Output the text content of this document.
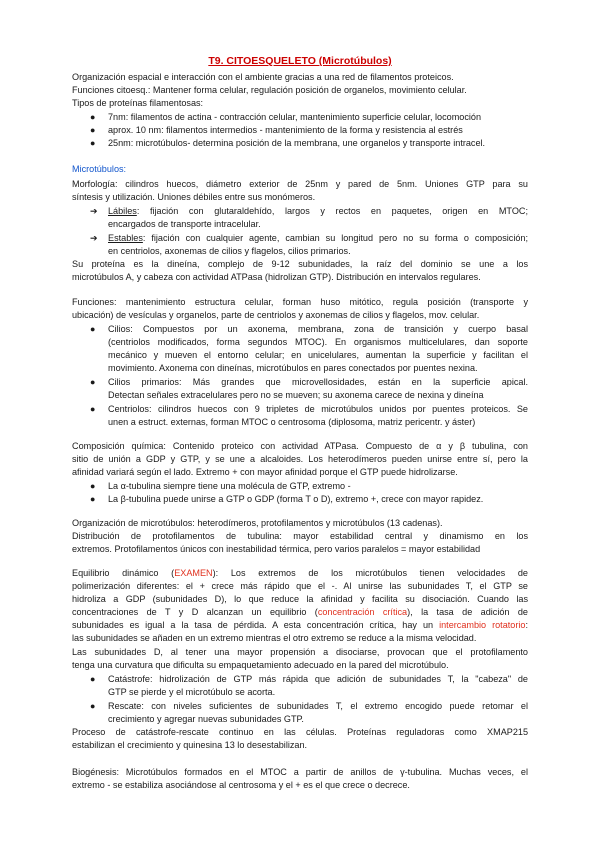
T9. CITOESQUELETO (Microtúbulos)
Organización espacial e interacción con el ambiente gracias a una red de filamentos proteicos.
Funciones citoesq.: Mantener forma celular, regulación posición de organelos, movimiento celular.
Tipos de proteínas filamentosas:
● 7nm: filamentos de actina - contracción celular, mantenimiento superficie celular, locomoción
● aprox. 10 nm: filamentos intermedios - mantenimiento de la forma y resistencia al estrés
● 25nm: microtúbulos- determina posición de la membrana, une organelos y transporte intracel.
Microtúbulos:
Morfología: cilindros huecos, diámetro exterior de 25nm y pared de 5nm. Uniones GTP para su
síntesis y utilización. Uniones débiles entre sus monómeros.
➔ Lábiles: fijación con glutaraldehído, largos y rectos en paquetes, origen en MTOC;
encargados de transporte intracelular.
➔ Estables: fijación con cualquier agente, cambian su longitud pero no su forma o composición;
en centriolos, axonemas de cilios y flagelos, cilios primarios.
Su proteína es la dineína, complejo de 9-12 subunidades, la raíz del dominio se une a los
microtúbulos A, y cabeza con actividad ATPasa (hidrolizan GTP). Distribución en intervalos regulares.
Funciones: mantenimiento estructura celular, forman huso mitótico, regula posición (transporte y
ubicación) de vesículas y organelos, parte de centriolos y axonemas de cilios y flagelos, mov. celular.
● Cilios: Compuestos por un axonema, membrana, zona de transición y cuerpo basal
(centriolos modificados, forma segundos MTOC). En organismos multicelulares, dan soporte
mecánico y mueven el entorno celular; en unicelulares, aumentan la superficie y facilitan el
movimiento. Axonema con dineínas, microtúbulos en pares conectados por puentes nexina.
● Cilios primarios: Más grandes que microvellosidades, están en la superficie apical.
Detectan señales extracelulares pero no se mueven; su axonema carece de nexina y dineína
● Centriolos: cilindros huecos con 9 tripletes de microtúbulos unidos por puentes proteicos. Se
unen a estruct. externas, forman MTOC o centrosoma (diplosoma, matriz pericentr. y áster)
Composición química: Contenido proteico con actividad ATPasa. Compuesto de α y β tubulina, con
sitio de unión a GDP y GTP, y se une a alcaloides. Los heterodímeros pueden unirse entre sí, pero la
afinidad variará según el lado. Extremo + con mayor afinidad porque el GTP puede hidrolizarse.
● La α-tubulina siempre tiene una molécula de GTP, extremo -
● La β-tubulina puede unirse a GTP o GDP (forma T o D), extremo +, crece con mayor rapidez.
Organización de microtúbulos: heterodímeros, protofilamentos y microtúbulos (13 cadenas).
Distribución de protofilamentos de tubulina: mayor estabilidad central y dinamismo en los
extremos. Protofilamentos únicos con inestabilidad térmica, pero varios paralelos = mayor estabilidad
Equilibrio dinámico (EXAMEN): Los extremos de los microtúbulos tienen velocidades de
polimerización diferentes: el + crece más rápido que el -. Al unirse las subunidades T, el GTP se
hidroliza a GDP (subunidades D), lo que reduce la afinidad y facilita su disociación. Cuando las
concentraciones de T y D alcanzan un equilibrio (concentración crítica), la tasa de adición de
subunidades es igual a la tasa de pérdida. A esta concentración crítica, hay un intercambio rotatorio:
las subunidades se añaden en un extremo mientras el otro extremo se reduce a la misma velocidad.
Las subunidades D, al tener una mayor propensión a disociarse, provocan que el protofilamento
tenga una curvatura que dificulta su empaquetamiento adecuado en la pared del microtúbulo.
● Catástrofe: hidrolización de GTP más rápida que adición de subunidades T, la "cabeza" de
GTP se pierde y el microtúbulo se acorta.
● Rescate: con niveles suficientes de subunidades T, el extremo encogido puede retomar el
crecimiento y agregar nuevas subunidades GTP.
Proceso de catástrofe-rescate continuo en las células. Proteínas reguladoras como XMAP215
estabilizan el crecimiento y quinesina 13 lo desestabilizan.
Biogénesis: Microtúbulos formados en el MTOC a partir de anillos de γ-tubulina. Muchas veces, el
extremo - se estabiliza asociándose al centrosoma y el + es el que crece o decrece.
